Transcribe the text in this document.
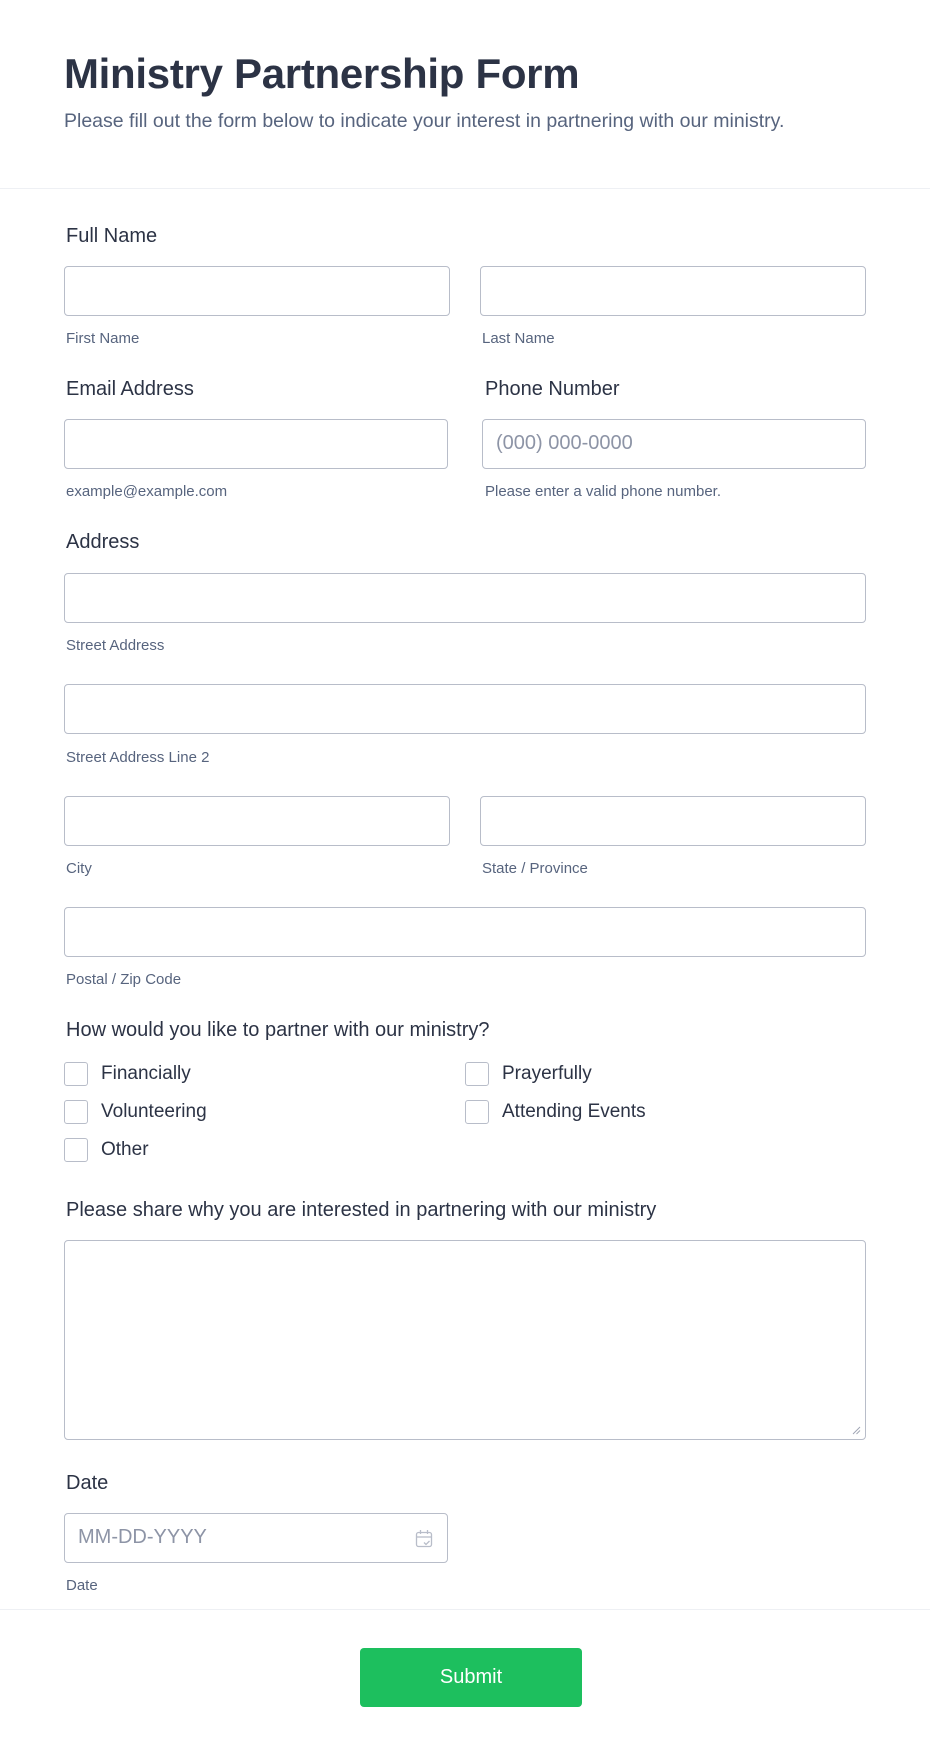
Ministry Partnership Form
Please fill out the form below to indicate your interest in partnering with our ministry.
Full Name
First Name	Last Name
Email Address
example@example.com
Phone Number
(000) 000-0000
Please enter a valid phone number.
Address
Street Address
Street Address Line 2
City	State / Province
Postal / Zip Code
How would you like to partner with our ministry?
Financially	Prayerfully
Volunteering	Attending Events
Other
Please share why you are interested in partnering with our ministry
Date
MM-DD-YYYY
Date
Submit
